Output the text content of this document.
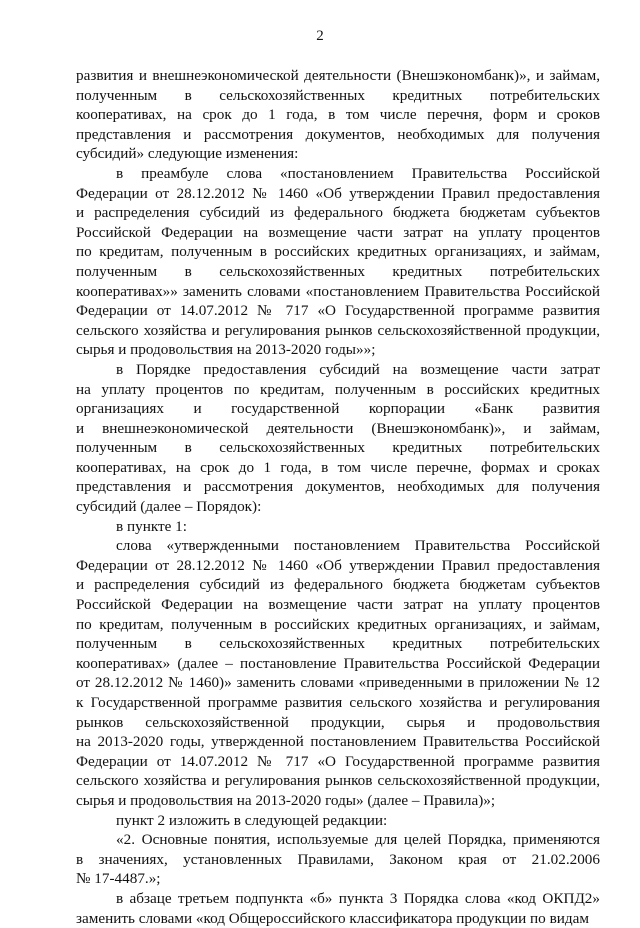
2
развития и внешнеэкономической деятельности (Внешэкономбанк)», и займам,
полученным в сельскохозяйственных кредитных потребительских
кооперативах, на срок до 1 года, в том числе перечня, форм и сроков
представления и рассмотрения документов, необходимых для получения
субсидий» следующие изменения:
в преамбуле слова «постановлением Правительства Российской
Федерации от 28.12.2012 № 1460 «Об утверждении Правил предоставления
и распределения субсидий из федерального бюджета бюджетам субъектов
Российской Федерации на возмещение части затрат на уплату процентов
по кредитам, полученным в российских кредитных организациях, и займам,
полученным в сельскохозяйственных кредитных потребительских
кооперативах»» заменить словами «постановлением Правительства Российской
Федерации от 14.07.2012 № 717 «О Государственной программе развития
сельского хозяйства и регулирования рынков сельскохозяйственной продукции,
сырья и продовольствия на 2013-2020 годы»»;
в Порядке предоставления субсидий на возмещение части затрат
на уплату процентов по кредитам, полученным в российских кредитных
организациях и государственной корпорации «Банк развития
и внешнеэкономической деятельности (Внешэкономбанк)», и займам,
полученным в сельскохозяйственных кредитных потребительских
кооперативах, на срок до 1 года, в том числе перечне, формах и сроках
представления и рассмотрения документов, необходимых для получения
субсидий (далее – Порядок):
в пункте 1:
слова «утвержденными постановлением Правительства Российской
Федерации от 28.12.2012 № 1460 «Об утверждении Правил предоставления
и распределения субсидий из федерального бюджета бюджетам субъектов
Российской Федерации на возмещение части затрат на уплату процентов
по кредитам, полученным в российских кредитных организациях, и займам,
полученным в сельскохозяйственных кредитных потребительских
кооперативах» (далее – постановление Правительства Российской Федерации
от 28.12.2012 № 1460)» заменить словами «приведенными в приложении № 12
к Государственной программе развития сельского хозяйства и регулирования
рынков сельскохозяйственной продукции, сырья и продовольствия
на 2013-2020 годы, утвержденной постановлением Правительства Российской
Федерации от 14.07.2012 № 717 «О Государственной программе развития
сельского хозяйства и регулирования рынков сельскохозяйственной продукции,
сырья и продовольствия на 2013-2020 годы» (далее – Правила)»;
пункт 2 изложить в следующей редакции:
«2. Основные понятия, используемые для целей Порядка, применяются
в значениях, установленных Правилами, Законом края от 21.02.2006
№ 17-4487.»;
в абзаце третьем подпункта «б» пункта 3 Порядка слова «код ОКПД2»
заменить словами «код Общероссийского классификатора продукции по видам
